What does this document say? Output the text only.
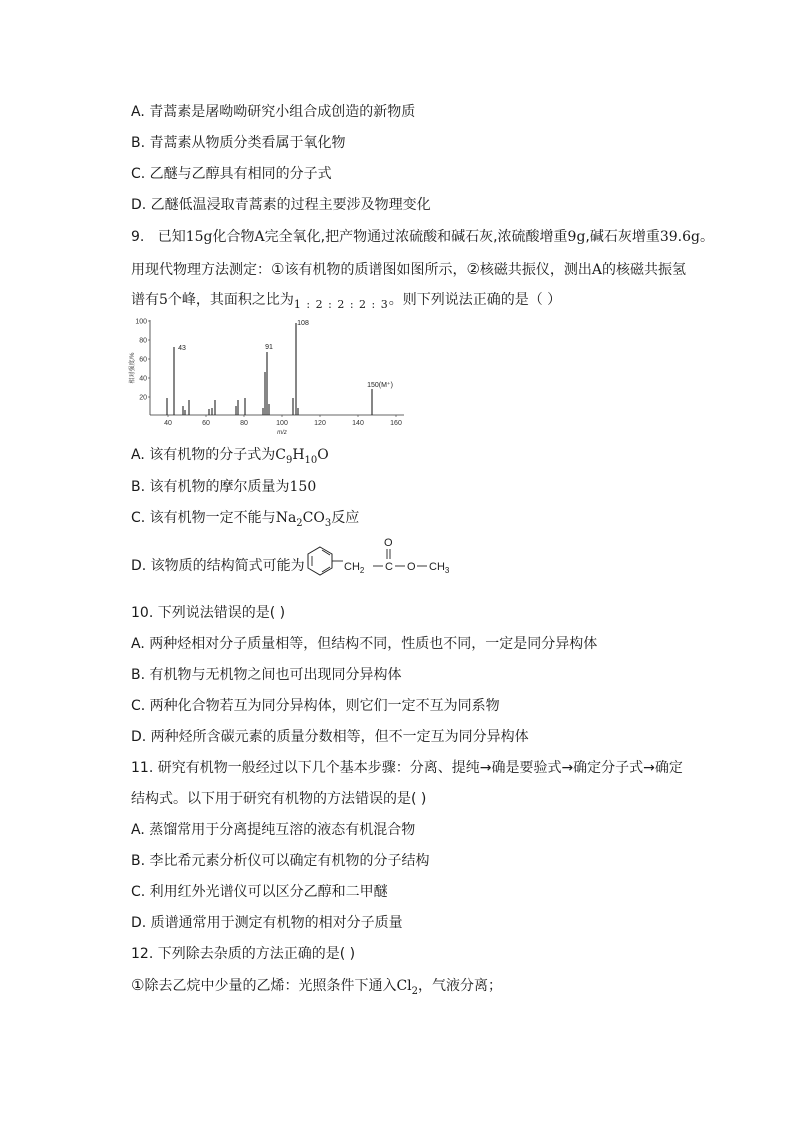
A. 青蒿素是屠呦呦研究小组合成创造的新物质
B. 青蒿素从物质分类看属于氧化物
C. 乙醚与乙醇具有相同的分子式
D. 乙醚低温浸取青蒿素的过程主要涉及物理变化
9. 已知15g化合物A完全氧化,把产物通过浓硫酸和碱石灰,浓硫酸增重9g,碱石灰增重39.6g。
用现代物理方法测定：①该有机物的质谱图如图所示，②核磁共振仪，测出A的核磁共振氢
谱有5个峰，其面积之比为$_{1 : 2 : 2 : 2 : 3}$。则下列说法正确的是（ ）
100
80
60
40
20
相对强度/%
40	60	80	100	120	140	160
m/z
43	91
108
150(M⁺)
A. 该有机物的分子式为$C_9H_{10}O$
B. 该有机物的摩尔质量为150
C. 该有机物一定不能与$Na_2CO_3$反应
D. 该物质的结构简式可能为	$CH_2$ C
O
O $CH_3$
10. 下列说法错误的是( )
A. 两种烃相对分子质量相等，但结构不同，性质也不同，一定是同分异构体
B. 有机物与无机物之间也可出现同分异构体
C. 两种化合物若互为同分异构体，则它们一定不互为同系物
D. 两种烃所含碳元素的质量分数相等，但不一定互为同分异构体
11. 研究有机物一般经过以下几个基本步骤：分离、提纯→确是要验式→确定分子式→确定
结构式。以下用于研究有机物的方法错误的是( )
A. 蒸馏常用于分离提纯互溶的液态有机混合物
B. 李比希元素分析仪可以确定有机物的分子结构
C. 利用红外光谱仪可以区分乙醇和二甲醚
D. 质谱通常用于测定有机物的相对分子质量
12. 下列除去杂质的方法正确的是( )
①除去乙烷中少量的乙烯：光照条件下通入$Cl_2$，气液分离；
